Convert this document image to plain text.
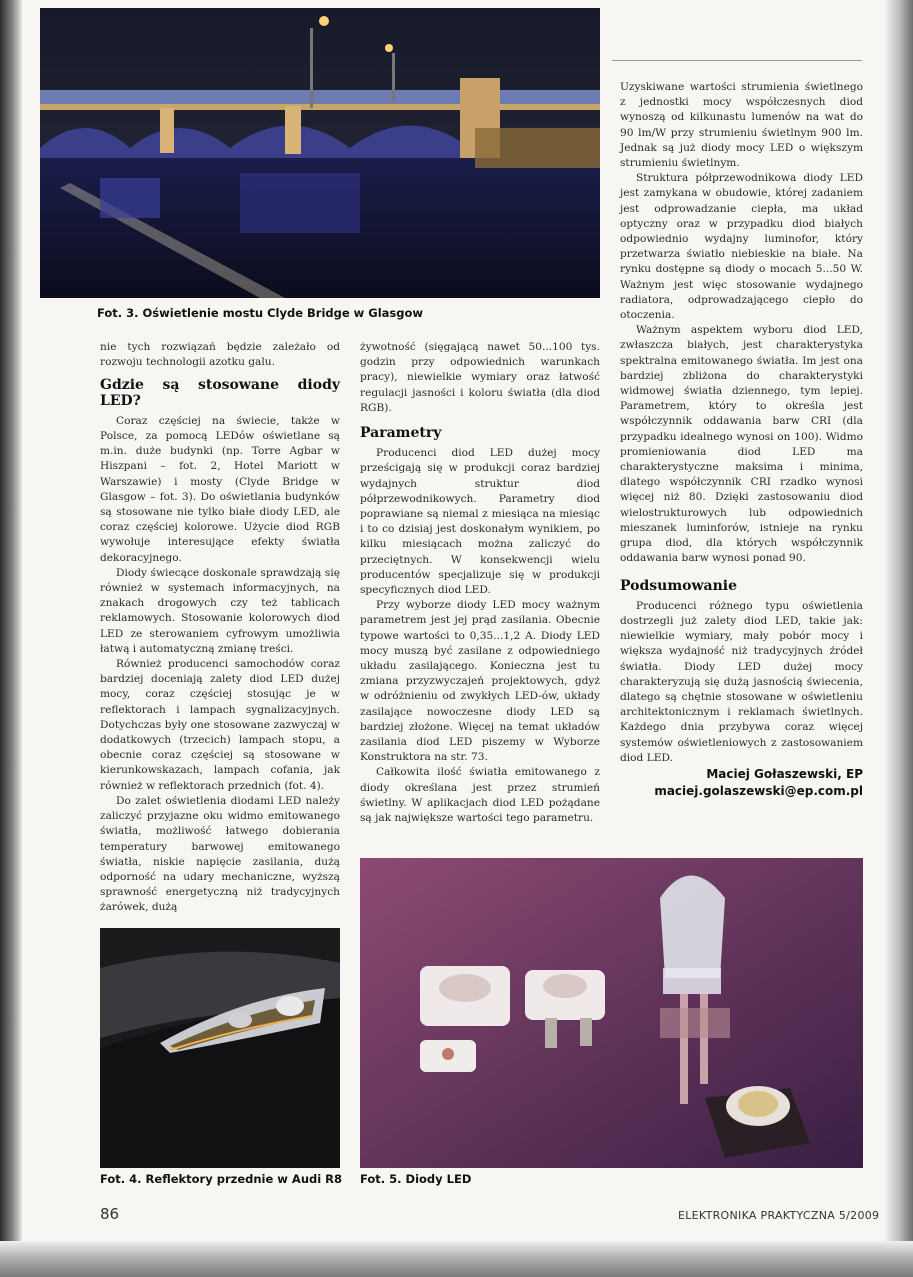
Fot. 3. Oświetlenie mostu Clyde Bridge w Glasgow

nie tych rozwiązań będzie zależało od rozwoju technologii azotku galu.

Gdzie są stosowane diody LED?

Coraz częściej na świecie, także w Polsce, za pomocą LEDów oświetlane są m.in. duże budynki (np. Torre Agbar w Hiszpani – fot. 2, Hotel Mariott w Warszawie) i mosty (Clyde Bridge w Glasgow – fot. 3). Do oświetlania budynków są stosowane nie tylko białe diody LED, ale coraz częściej kolorowe. Użycie diod RGB wywołuje interesujące efekty światła dekoracyjnego.

Diody świecące doskonale sprawdzają się również w systemach informacyjnych, na znakach drogowych czy też tablicach reklamowych. Stosowanie kolorowych diod LED ze sterowaniem cyfrowym umożliwia łatwą i automatyczną zmianę treści.

Również producenci samochodów coraz bardziej doceniają zalety diod LED dużej mocy, coraz częściej stosując je w reflektorach i lampach sygnalizacyjnych. Dotychczas były one stosowane zazwyczaj w dodatkowych (trzecich) lampach stopu, a obecnie coraz częściej są stosowane w kierunkowskazach, lampach cofania, jak również w reflektorach przednich (fot. 4).

Do zalet oświetlenia diodami LED należy zaliczyć przyjazne oku widmo emitowanego światła, możliwość łatwego dobierania temperatury barwowej emitowanego światła, niskie napięcie zasilania, dużą odporność na udary mechaniczne, wyższą sprawność energetyczną niż tradycyjnych żarówek, dużą

żywotność (sięgającą nawet 50...100 tys. godzin przy odpowiednich warunkach pracy), niewielkie wymiary oraz łatwość regulacji jasności i koloru światła (dla diod RGB).

Parametry

Producenci diod LED dużej mocy prześcigają się w produkcji coraz bardziej wydajnych struktur diod półprzewodnikowych. Parametry diod poprawiane są niemal z miesiąca na miesiąc i to co dzisiaj jest doskonałym wynikiem, po kilku miesiącach można zaliczyć do przeciętnych. W konsekwencji wielu producentów specjalizuje się w produkcji specyficznych diod LED.

Przy wyborze diody LED mocy ważnym parametrem jest jej prąd zasilania. Obecnie typowe wartości to 0,35...1,2 A. Diody LED mocy muszą być zasilane z odpowiedniego układu zasilającego. Konieczna jest tu zmiana przyzwyczajeń projektowych, gdyż w odróżnieniu od zwykłych LED-ów, układy zasilające nowoczesne diody LED są bardziej złożone. Więcej na temat układów zasilania diod LED piszemy w Wyborze Konstruktora na str. 73.

Całkowita ilość światła emitowanego z diody określana jest przez strumień świetlny. W aplikacjach diod LED pożądane są jak największe wartości tego parametru.

Uzyskiwane wartości strumienia świetlnego z jednostki mocy współczesnych diod wynoszą od kilkunastu lumenów na wat do 90 lm/W przy strumieniu świetlnym 900 lm. Jednak są już diody mocy LED o większym strumieniu świetlnym.

Struktura półprzewodnikowa diody LED jest zamykana w obudowie, której zadaniem jest odprowadzanie ciepła, ma układ optyczny oraz w przypadku diod białych odpowiednio wydajny luminofor, który przetwarza światło niebieskie na białe. Na rynku dostępne są diody o mocach 5...50 W. Ważnym jest więc stosowanie wydajnego radiatora, odprowadzającego ciepło do otoczenia.

Ważnym aspektem wyboru diod LED, zwłaszcza białych, jest charakterystyka spektralna emitowanego światła. Im jest ona bardziej zbliżona do charakterystyki widmowej światła dziennego, tym lepiej. Parametrem, który to określa jest współczynnik oddawania barw CRI (dla przypadku idealnego wynosi on 100). Widmo promieniowania diod LED ma charakterystyczne maksima i minima, dlatego współczynnik CRI rzadko wynosi więcej niż 80. Dzięki zastosowaniu diod wielostrukturowych lub odpowiednich mieszanek luminforów, istnieje na rynku grupa diod, dla których współczynnik oddawania barw wynosi ponad 90.

Podsumowanie

Producenci różnego typu oświetlenia dostrzegli już zalety diod LED, takie jak: niewielkie wymiary, mały pobór mocy i większa wydajność niż tradycyjnych źródeł światła. Diody LED dużej mocy charakteryzują się dużą jasnością świecenia, dlatego są chętnie stosowane w oświetleniu architektonicznym i reklamach świetlnych. Każdego dnia przybywa coraz więcej systemów oświetleniowych z zastosowaniem diod LED.

Maciej Gołaszewski, EP
maciej.golaszewski@ep.com.pl
Fot. 4. Reflektory przednie w Audi R8 Fot. 5. Diody LED
86	ELEKTRONIKA PRAKTYCZNA 5/2009
